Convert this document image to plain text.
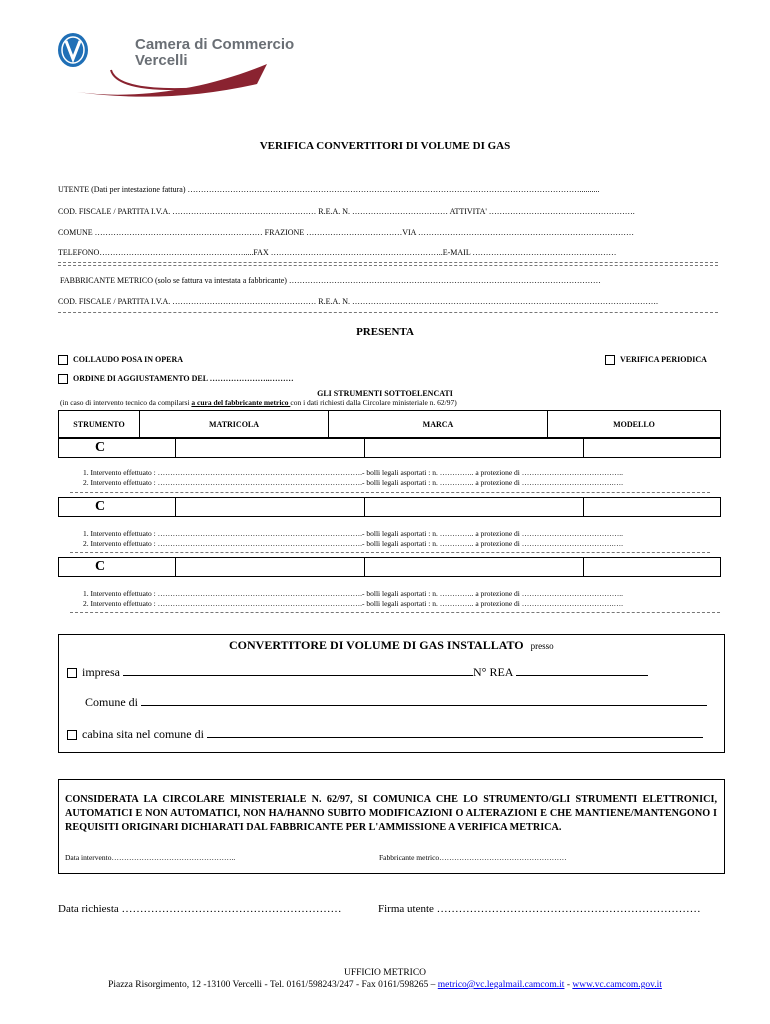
Camera di Commercio
Vercelli
VERIFICA CONVERTITORI DI VOLUME DI GAS
UTENTE (Dati per intestazione fattura) …………………………………………………………………………………………………………………………………..........
COD. FISCALE / PARTITA I.V.A. ……………………………………………… R.E.A. N. ……………………………… ATTIVITA' ……………………………………………….
COMUNE ……………………………………………………… FRAZIONE ………………………………VIA ………………………………………………………………………
TELEFONO……………………………………………….....FAX ………………………………………………………..E-MAIL ………………………………………………
FABBRICANTE METRICO (solo se fattura va intestata a fabbricante) ………………………………………………………………………………………………………
COD. FISCALE / PARTITA I.V.A. ……………………………………………… R.E.A. N. …………………………………………………………………………………………………….
PRESENTA
COLLAUDO POSA IN OPERA	VERIFICA PERIODICA
ORDINE DI AGGIUSTAMENTO DEL …………………..………
GLI STRUMENTI SOTTOELENCATI
(in caso di intervento tecnico da compilarsi a cura del fabbricante metrico con i dati richiesti dalla Circolare ministeriale n. 62/97)
STRUMENTO	MATRICOLA	MARCA	MODELLO
C			
1. Intervento effettuato : ……………………………………………………………………….- bolli legali asportati : n. ………….. a protezione di …………………………………..
2. Intervento effettuato : ……………………………………………………………………….- bolli legali asportati : n. ………….. a protezione di ……………………………….….
C			
1. Intervento effettuato : ……………………………………………………………………….- bolli legali asportati : n. ………….. a protezione di …………………………………..
2. Intervento effettuato : ……………………………………………………………………….- bolli legali asportati : n. ………….. a protezione di ……………………………….….
C			
1. Intervento effettuato : ……………………………………………………………………….- bolli legali asportati : n. ………….. a protezione di …………………………………..
2. Intervento effettuato : ……………………………………………………………………….- bolli legali asportati : n. ………….. a protezione di ……………………………….….
CONVERTITORE DI VOLUME DI GAS INSTALLATO presso
impresa	N° REA
Comune di
cabina sita nel comune di
CONSIDERATA LA CIRCOLARE MINISTERIALE N. 62/97, SI COMUNICA CHE LO STRUMENTO/GLI STRUMENTI ELETTRONICI, AUTOMATICI E NON AUTOMATICI, NON HA/HANNO SUBITO MODIFICAZIONI O ALTERAZIONI E CHE MANTIENE/MANTENGONO I REQUISITI ORIGINARI DICHIARATI DAL FABBRICANTE PER L'AMMISSIONE A VERIFICA METRICA.
Data intervento…………………………………………..	Fabbricante metrico……………………………………………
Data richiesta ……………………………………………………	Firma utente ………………………………………………………………
UFFICIO METRICO
Piazza Risorgimento, 12 -13100 Vercelli - Tel. 0161/598243/247 - Fax 0161/598265 – metrico@vc.legalmail.camcom.it - www.vc.camcom.gov.it
